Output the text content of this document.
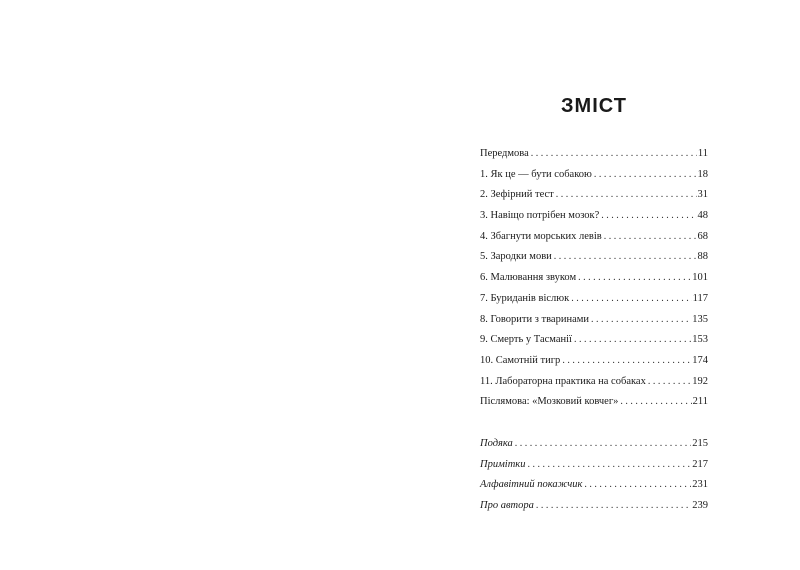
ЗМІСТ
Передмова . . .	11
1. Як це — бути собакою . . .	18
2. Зефірний тест . . .	31
3. Навіщо потрібен мозок? . . .	48
4. Збагнути морських левів . . .	68
5. Зародки мови . . .	88
6. Малювання звуком . . .	101
7. Буриданів віслюк . . .	117
8. Говорити з тваринами . . .	135
9. Смерть у Тасманії . . .	153
10. Самотній тигр . . .	174
11. Лабораторна практика на собаках . . .	192
Післямова: «Мозковий ковчег» . . .	211
Подяка . . .	215
Примітки . . .	217
Алфавітний покажчик . . .	231
Про автора . . .	239
